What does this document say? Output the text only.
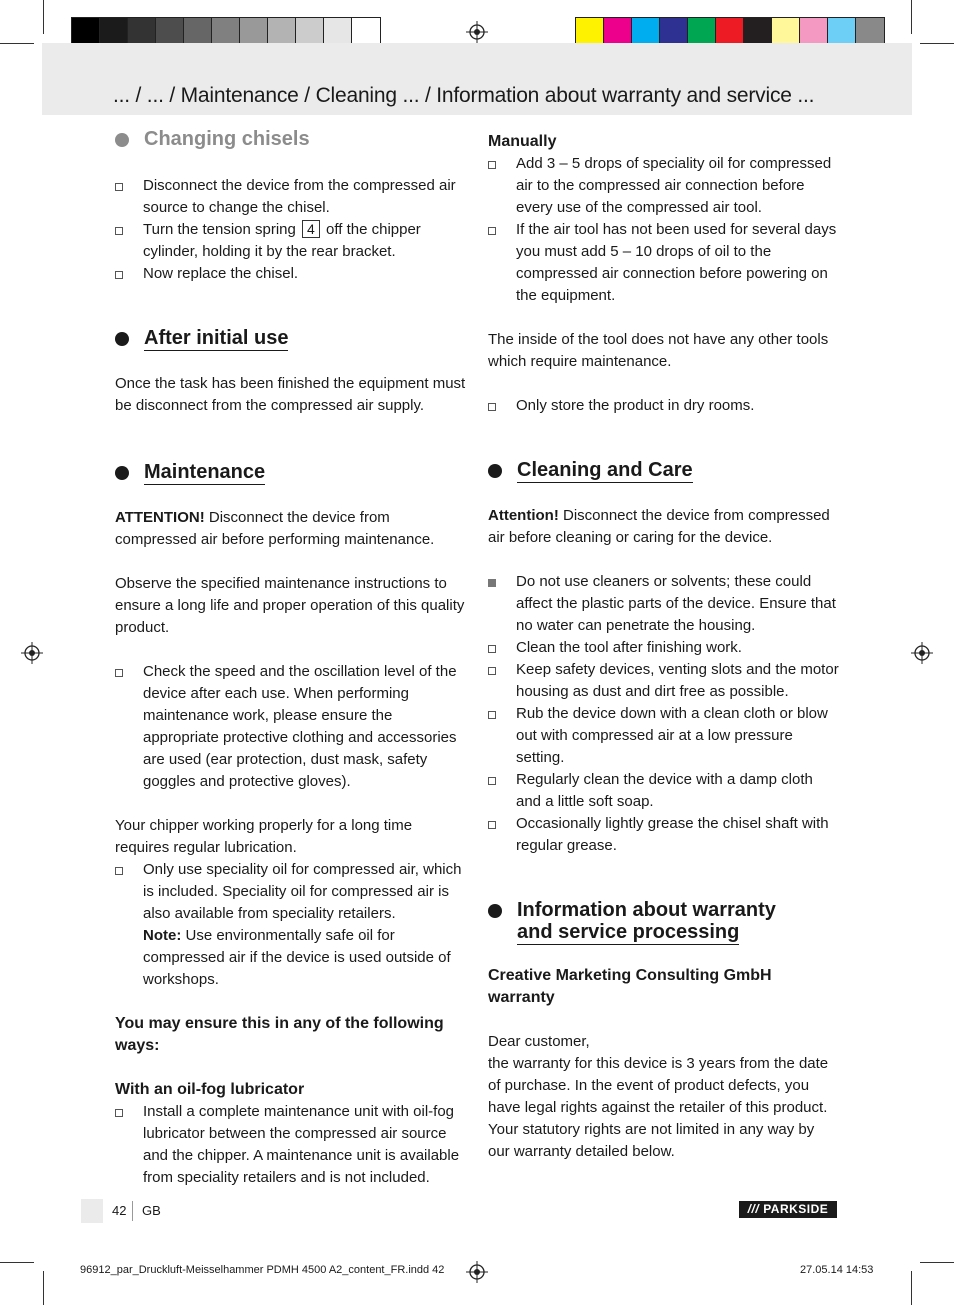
... / ... / Maintenance / Cleaning ... / Information about warranty and service ...
Changing chisels
Disconnect the device from the compressed air source to change the chisel.
Turn the tension spring 4 off the chipper cylinder, holding it by the rear bracket.
Now replace the chisel.
After initial use

Once the task has been finished the equipment must be disconnect from the compressed air supply.

Maintenance

ATTENTION! Disconnect the device from compressed air before performing maintenance.

Observe the specified maintenance instructions to ensure a long life and proper operation of this quality product.

Check the speed and the oscillation level of the device after each use. When performing maintenance work, please ensure the appropriate protective clothing and accessories are used (ear protection, dust mask, safety goggles and protective gloves).

Your chipper working properly for a long time requires regular lubrication.

Only use speciality oil for compressed air, which is included. Speciality oil for compressed air is also available from speciality retailers.
Note: Use environmentally safe oil for compressed air if the device is used outside of workshops.

You may ensure this in any of the following ways:

With an oil-fog lubricator

Install a complete maintenance unit with oil-fog lubricator between the compressed air source and the chipper. A maintenance unit is available from speciality retailers and is not included.

Manually

Add 3 – 5 drops of speciality oil for compressed air to the compressed air connection before every use of the compressed air tool.
If the air tool has not been used for several days you must add 5 – 10 drops of oil to the compressed air connection before powering on the equipment.

The inside of the tool does not have any other tools which require maintenance.

Only store the product in dry rooms.
Cleaning and Care

Attention! Disconnect the device from compressed air before cleaning or caring for the device.

Do not use cleaners or solvents; these could affect the plastic parts of the device. Ensure that no water can penetrate the housing.
Clean the tool after finishing work.
Keep safety devices, venting slots and the motor housing as dust and dirt free as possible.
Rub the device down with a clean cloth or blow out with compressed air at a low pressure setting.
Regularly clean the device with a damp cloth and a little soft soap.
Occasionally lightly grease the chisel shaft with regular grease.
Information about warranty
and service processing

Creative Marketing Consulting GmbH warranty

Dear customer,

the warranty for this device is 3 years from the date of purchase. In the event of product defects, you have legal rights against the retailer of this product. Your statutory rights are not limited in any way by our warranty detailed below.

42 GB	/// PARKSIDE
96912_par_Druckluft-Meisselhammer PDMH 4500 A2_content_FR.indd 42	27.05.14 14:53
